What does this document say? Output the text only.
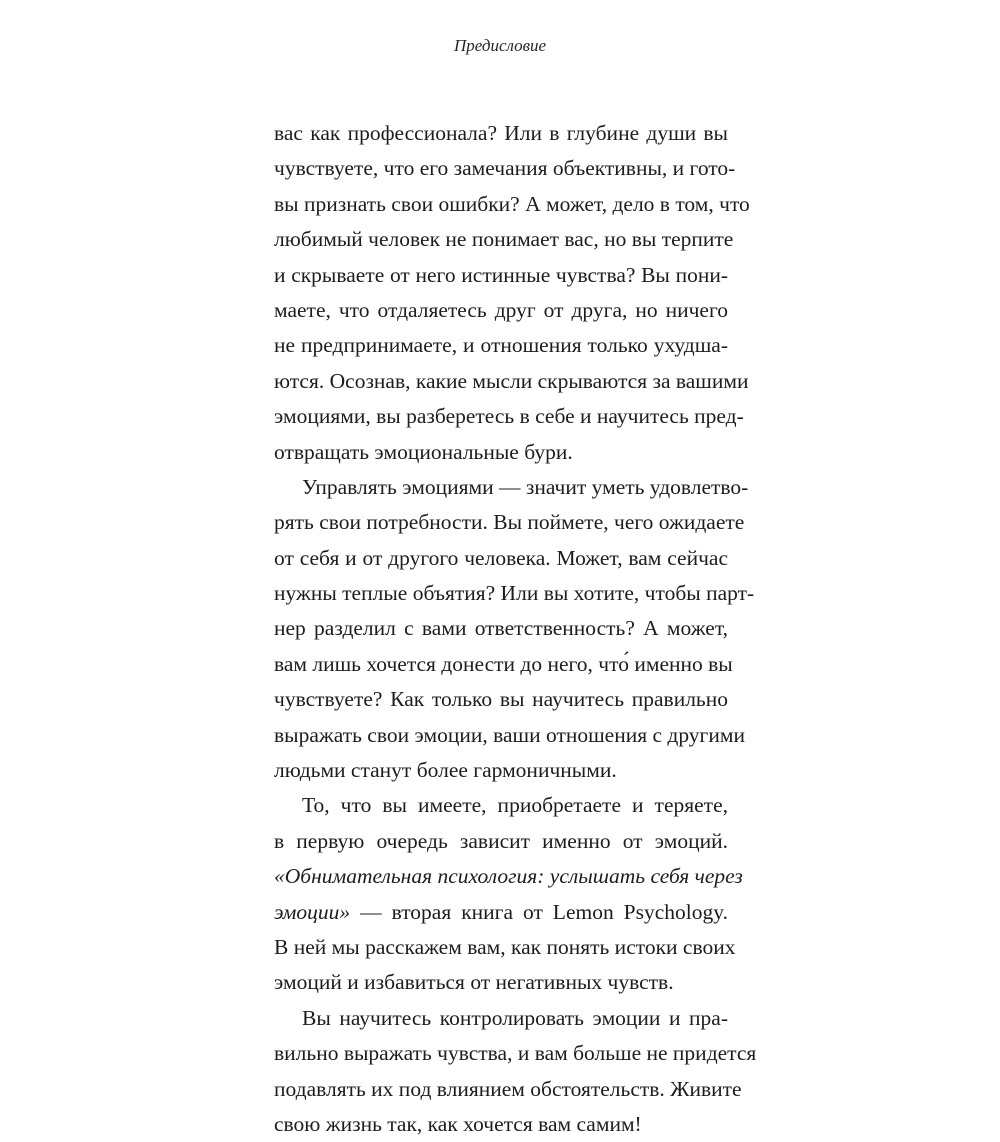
Предисловие
вас как профессионала? Или в глубине души вы
чувствуете, что его замечания объективны, и гото-
вы признать свои ошибки? А может, дело в том, что
любимый человек не понимает вас, но вы терпите
и скрываете от него истинные чувства? Вы пони-
маете, что отдаляетесь друг от друга, но ничего
не предпринимаете, и отношения только ухудша-
ются. Осознав, какие мысли скрываются за вашими
эмоциями, вы разберетесь в себе и научитесь пред-
отвращать эмоциональные бури.
Управлять эмоциями — значит уметь удовлетво-
рять свои потребности. Вы поймете, чего ожидаете
от себя и от другого человека. Может, вам сейчас
нужны теплые объятия? Или вы хотите, чтобы парт-
нер разделил с вами ответственность? А может,
вам лишь хочется донести до него, что́ именно вы
чувствуете? Как только вы научитесь правильно
выражать свои эмоции, ваши отношения с другими
людьми станут более гармоничными.
То, что вы имеете, приобретаете и теряете,
в первую очередь зависит именно от эмоций.
«Обнимательная психология: услышать себя через
эмоции» — вторая книга от Lemon Psychology.
В ней мы расскажем вам, как понять истоки своих
эмоций и избавиться от негативных чувств.
Вы научитесь контролировать эмоции и пра-
вильно выражать чувства, и вам больше не придется
подавлять их под влиянием обстоятельств. Живите
свою жизнь так, как хочется вам самим!
